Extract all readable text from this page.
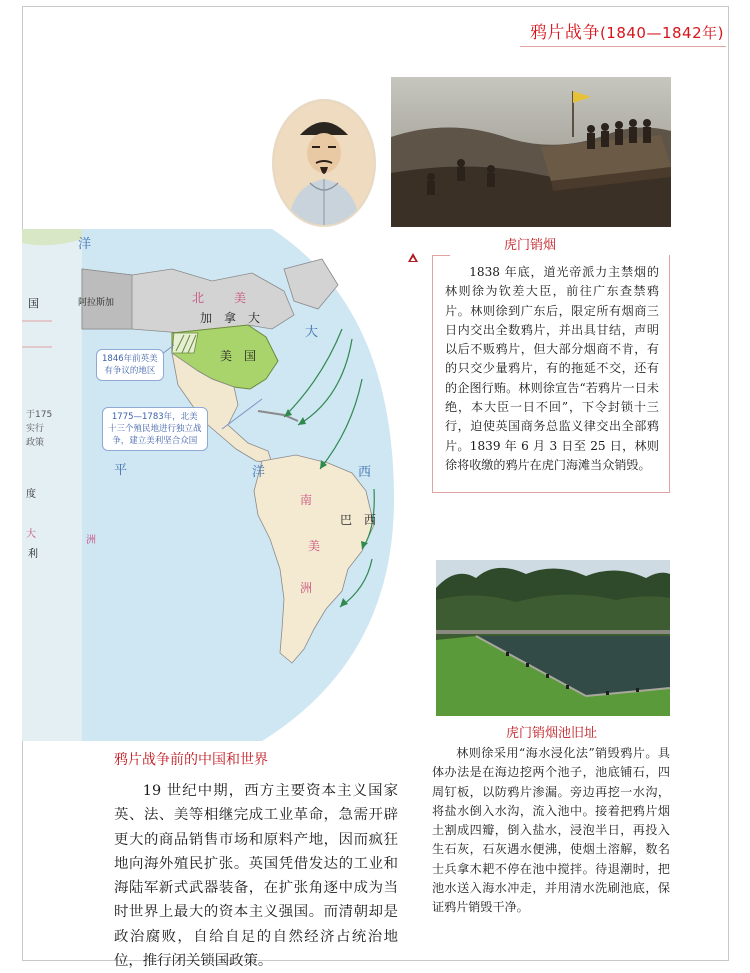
鸦片战争(1840—1842年)
虎门销烟
洋
大
西
洋
平
阿拉斯加
国	北 美
加　拿　大
美　国
南
美
洲
巴　西
于175
实行
政策
度
大
利
洲
1846年前英美
有争议的地区
1775—1783年，北美
十三个殖民地进行独立战
争，建立美利坚合众国
1838 年底，道光帝派力主禁烟的林则徐为钦差大臣，前往广东查禁鸦片。林则徐到广东后，限定所有烟商三日内交出全数鸦片，并出具甘结，声明以后不贩鸦片，但大部分烟商不肯，有的只交少量鸦片，有的拖延不交，还有的企图行贿。林则徐宣告“若鸦片一日未绝，本大臣一日不回”，下令封锁十三行，迫使英国商务总监义律交出全部鸦片。1839 年 6 月 3 日至 25 日，林则徐将收缴的鸦片在虎门海滩当众销毁。
虎门销烟池旧址
林则徐采用“海水浸化法”销毁鸦片。具体办法是在海边挖两个池子，池底铺石，四周钉板，以防鸦片渗漏。旁边再挖一水沟，将盐水倒入水沟，流入池中。接着把鸦片烟土割成四瓣，倒入盐水，浸泡半日，再投入生石灰，石灰遇水便沸，使烟土溶解，数名士兵拿木耙不停在池中搅拌。待退潮时，把池水送入海水冲走，并用清水洗刷池底，保证鸦片销毁干净。
鸦片战争前的中国和世界
19 世纪中期，西方主要资本主义国家英、法、美等相继完成工业革命，急需开辟更大的商品销售市场和原料产地，因而疯狂地向海外殖民扩张。英国凭借发达的工业和海陆军新式武器装备，在扩张角逐中成为当时世界上最大的资本主义强国。而清朝却是政治腐败，自给自足的自然经济占统治地位，推行闭关锁国政策。
